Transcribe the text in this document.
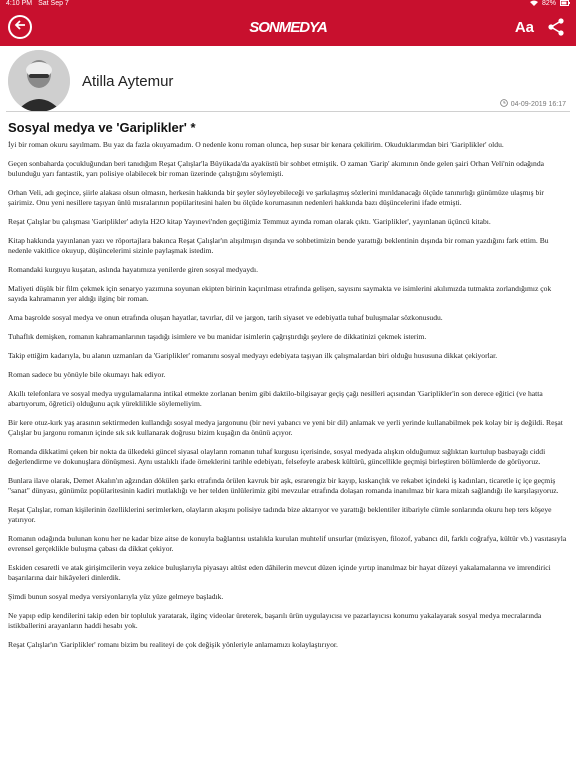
4:10 PM Sat Sep 7	82%
SONMEDYA	Aa
Atilla Aytemur
04-09-2019 16:17
Sosyal medya ve 'Gariplikler' *

İyi bir roman okuru sayılmam. Bu yaz da fazla okuyamadım. O nedenle konu roman olunca, hep susar bir kenara çekilirim. Okuduklarımdan biri 'Gariplikler' oldu.

Geçen sonbaharda çocukluğundan beri tanıdığım Reşat Çalışlar'la Büyükada'da ayaküstü bir sohbet etmiştik. O zaman 'Garip' akımının önde gelen şairi Orhan Veli'nin odağında bulunduğu yarı fantastik, yarı polisiye olabilecek bir roman üzerinde çalıştığını söylemişti.

Orhan Veli, adı geçince, şiirle alakası olsun olmasın, herkesin hakkında bir şeyler söyleyebileceği ve şarkılaşmış sözlerini mırıldanacağı ölçüde tanınırlığı günümüze ulaşmış bir şairimiz. Onu yeni nesillere taşıyan ünlü mısralarının popülaritesini halen bu ölçüde korumasının nedenleri hakkında bazı düşüncelerini ifade etmişti.

Reşat Çalışlar bu çalışması 'Gariplikler' adıyla H2O kitap Yayınevi'nden geçtiğimiz Temmuz ayında roman olarak çıktı. 'Gariplikler', yayınlanan üçüncü kitabı.

Kitap hakkında yayınlanan yazı ve röportajlara bakınca Reşat Çalışlar'ın alışılmışın dışında ve sohbetimizin bende yarattığı beklentinin dışında bir roman yazdığını fark ettim. Bu nedenle vakitlice okuyup, düşüncelerimi sizinle paylaşmak istedim.

Romandaki kurguyu kuşatan, aslında hayatımıza yenilerde giren sosyal medyaydı.

Maliyeti düşük bir film çekmek için senaryo yazımına soyunan ekipten birinin kaçırılması etrafında gelişen, sayısını saymakta ve isimlerini akılımızda tutmakta zorlandığımız çok sayıda kahramanın yer aldığı ilginç bir roman.

Ama başrolde sosyal medya ve onun etrafında oluşan hayatlar, tavırlar, dil ve jargon, tarih siyaset ve edebiyatla tuhaf buluşmalar sözkonusudu.

Tuhaflık demişken, romanın kahramanlarının taşıdığı isimlere ve bu manidar isimlerin çağrıştırdığı şeylere de dikkatinizi çekmek isterim.

Takip ettiğim kadarıyla, bu alanın uzmanları da 'Gariplikler' romanını sosyal medyayı edebiyata taşıyan ilk çalışmalardan biri olduğu hususuna dikkat çekiyorlar.

Roman sadece bu yönüyle bile okumayı hak ediyor.

Akıllı telefonlara ve sosyal medya uygulamalarına intikal etmekte zorlanan benim gibi daktilo-bilgisayar geçiş çağı nesilleri açısından 'Gariplikler'in son derece eğitici (ve hatta abartıyorum, öğretici) olduğunu açık yüreklilikle söylemeliyim.

Bir kere otuz-kırk yaş arasının sektirmeden kullandığı sosyal medya jargonunu (bir nevi yabancı ve yeni bir dil) anlamak ve yerli yerinde kullanabilmek pek kolay bir iş değildi. Reşat Çalışlar bu jargonu romanın içinde sık sık kullanarak doğrusu bizim kuşağın da önünü açıyor.

Romanda dikkatimi çeken bir nokta da ülkedeki güncel siyasal olayların romanın tuhaf kurgusu içerisinde, sosyal medyada alışkın olduğumuz sığlıktan kurtulup basbayağı ciddi değerlendirme ve dokunuşlara dönüşmesi. Aynı ustalıklı ifade örneklerini tarihle edebiyatı, felsefeyle arabesk kültürü, güncellikle geçmişi birleştiren bölümlerde de görüyoruz.

Bunlara ilave olarak, Demet Akalın'ın ağzından dökülen şarkı etrafında örülen kavruk bir aşk, esrarengiz bir kayıp, kıskançlık ve rekabet içindeki iş kadınları, ticaretle iç içe geçmiş "sanat" dünyası, günümüz popülaritesinin kadiri mutlaklığı ve her telden ünlülerimiz gibi mevzular etrafında dolaşan romanda inanılmaz bir kara mizah sağlandığı ile karşılaşıyoruz.

Reşat Çalışlar, roman kişilerinin özelliklerini serimlerken, olayların akışını polisiye tadında bize aktarıyor ve yarattığı beklentiler itibariyle cümle sonlarında okuru hep ters köşeye yatırıyor.

Romanın odağında bulunan konu her ne kadar bize aitse de konuyla bağlantısı ustalıkla kurulan muhtelif unsurlar (müzisyen, filozof, yabancı dil, farklı coğrafya, kültür vb.) vasıtasıyla evrensel gerçeklikle buluşma çabası da dikkat çekiyor.

Eskiden cesaretli ve atak girişimcilerin veya zekice buluşlarıyla piyasayı altüst eden dâhilerin mevcut düzen içinde yırtıp inanılmaz bir hayat düzeyi yakalamalarına ve imrendirici başarılarına dair hikâyeleri dinlerdik.

Şimdi bunun sosyal medya versiyonlarıyla yüz yüze gelmeye başladık.

Ne yapıp edip kendilerini takip eden bir topluluk yaratarak, ilginç videolar üreterek, başarılı ürün uygulayıcısı ve pazarlayıcısı konumu yakalayarak sosyal medya mecralarında istikballerini arayanların haddi hesabı yok.

Reşat Çalışlar'ın 'Gariplikler' romanı bizim bu realiteyi de çok değişik yönleriyle anlamamızı kolaylaştırıyor.
